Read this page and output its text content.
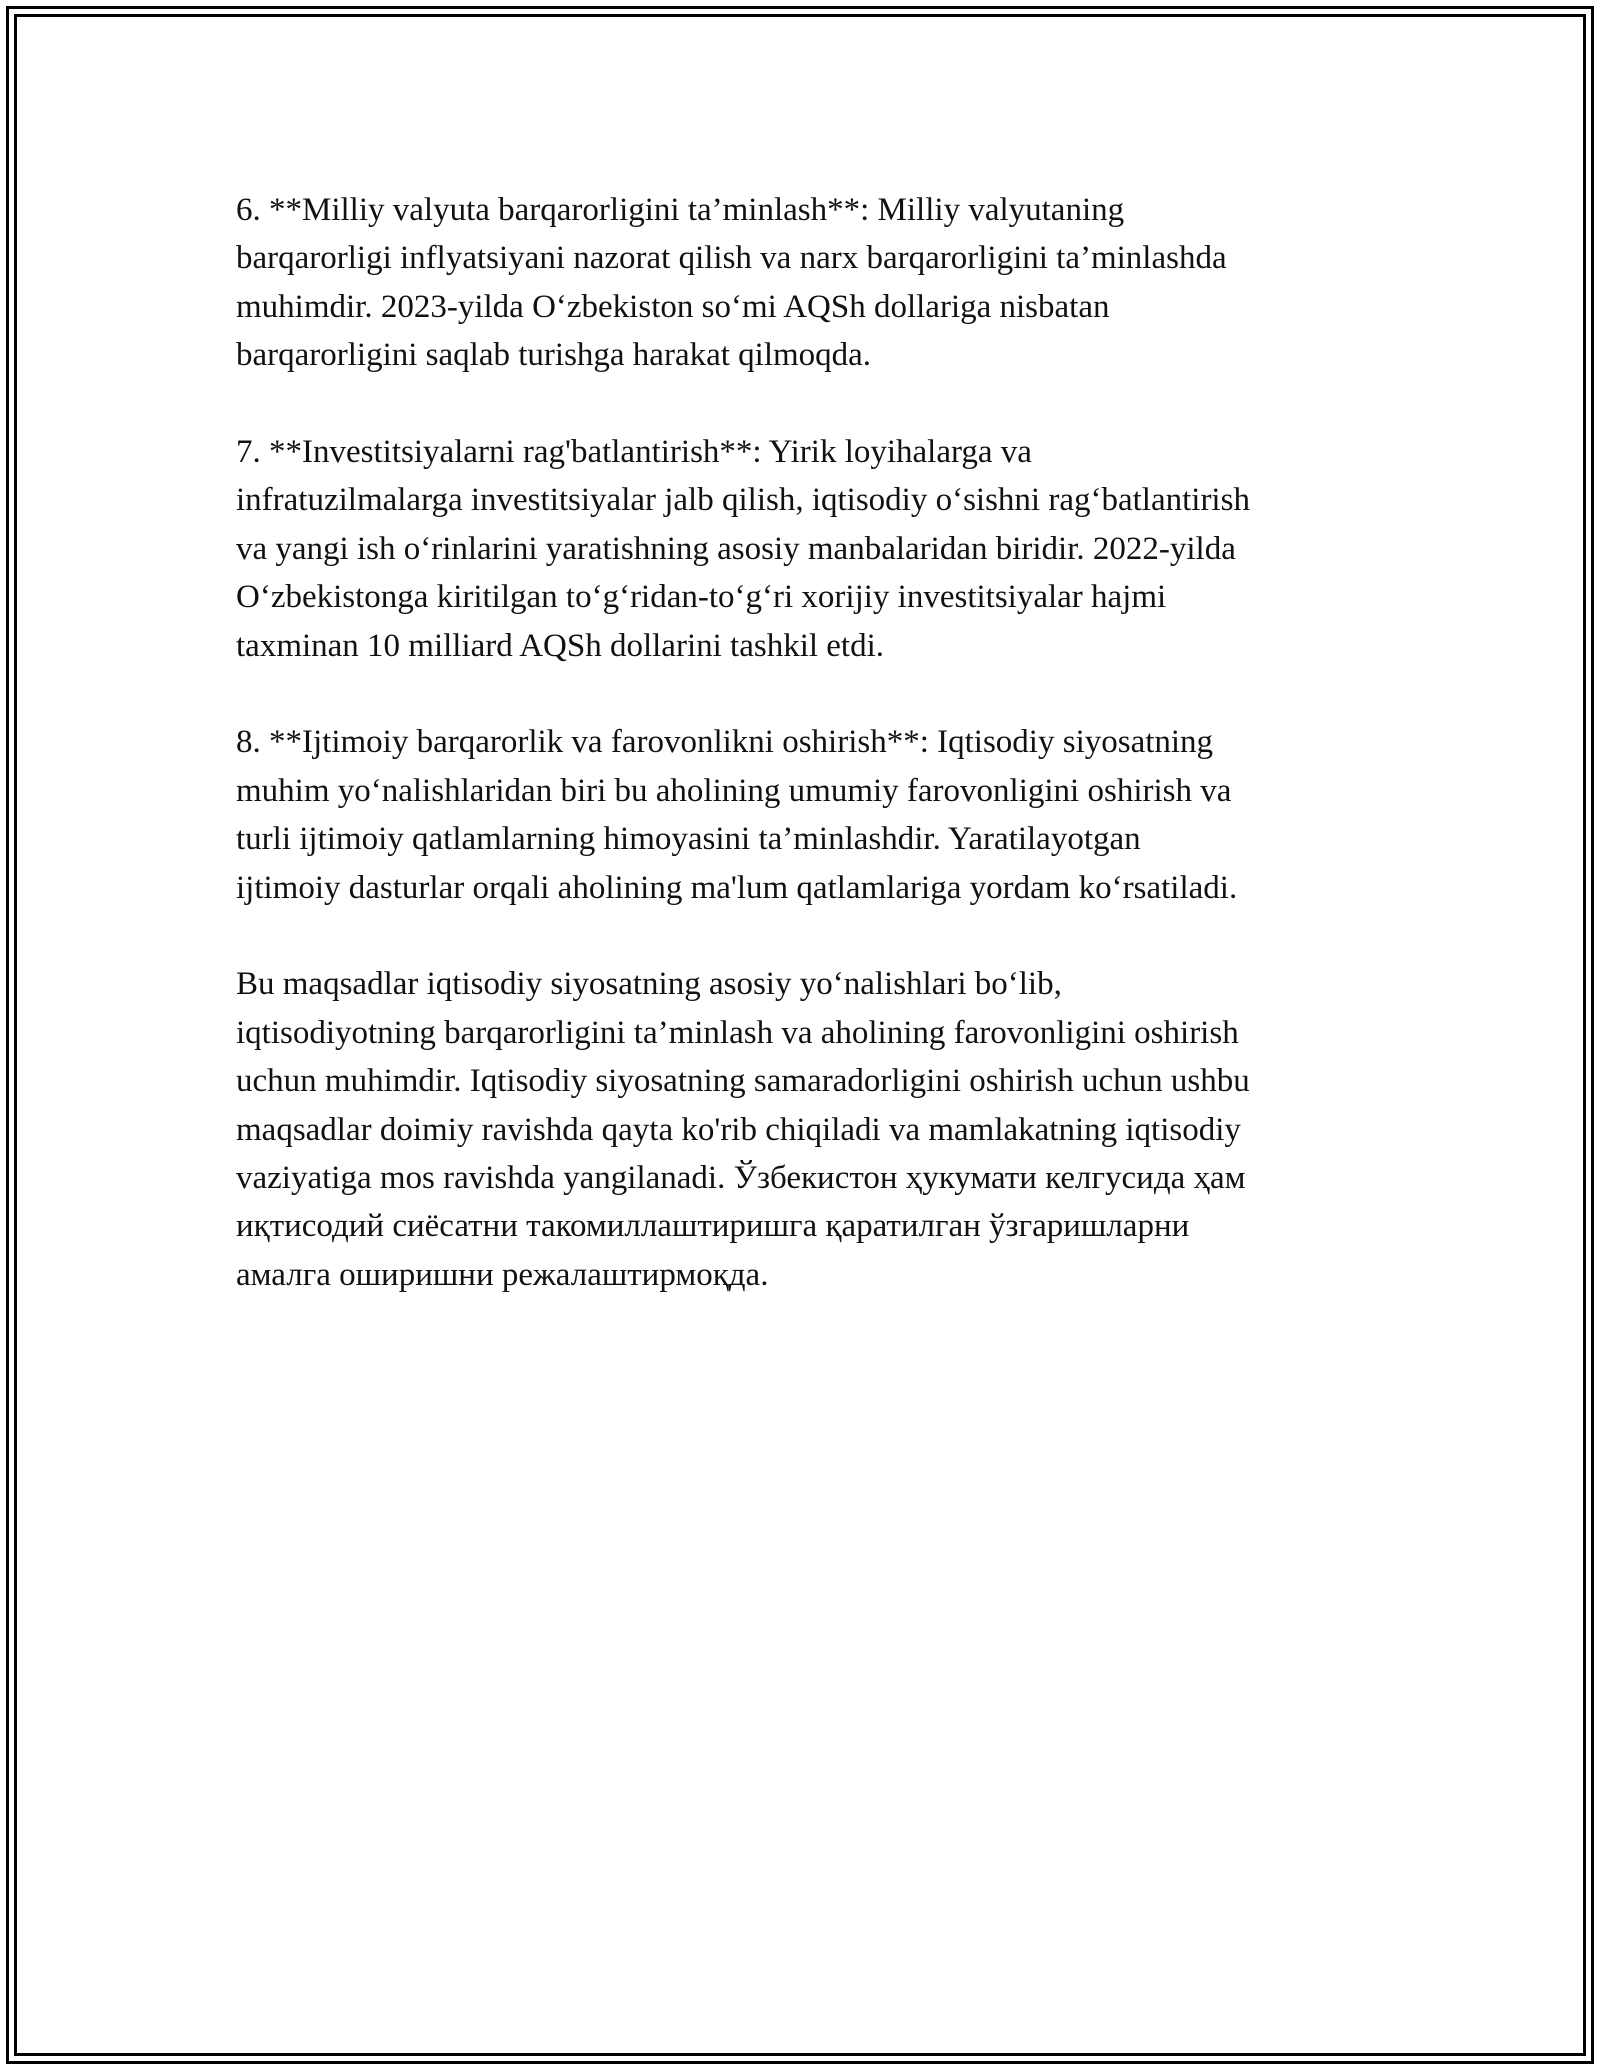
6. **Milliy valyuta barqarorligini ta’minlash**: Milliy valyutaning
barqarorligi inflyatsiyani nazorat qilish va narx barqarorligini ta’minlashda
muhimdir. 2023-yilda O‘zbekiston so‘mi AQSh dollariga nisbatan
barqarorligini saqlab turishga harakat qilmoqda.

7. **Investitsiyalarni rag'batlantirish**: Yirik loyihalarga va
infratuzilmalarga investitsiyalar jalb qilish, iqtisodiy o‘sishni rag‘batlantirish
va yangi ish o‘rinlarini yaratishning asosiy manbalaridan biridir. 2022-yilda
O‘zbekistonga kiritilgan to‘g‘ridan-to‘g‘ri xorijiy investitsiyalar hajmi
taxminan 10 milliard AQSh dollarini tashkil etdi.

8. **Ijtimoiy barqarorlik va farovonlikni oshirish**: Iqtisodiy siyosatning
muhim yo‘nalishlaridan biri bu aholining umumiy farovonligini oshirish va
turli ijtimoiy qatlamlarning himoyasini ta’minlashdir. Yaratilayotgan
ijtimoiy dasturlar orqali aholining ma'lum qatlamlariga yordam ko‘rsatiladi.

Bu maqsadlar iqtisodiy siyosatning asosiy yo‘nalishlari bo‘lib,
iqtisodiyotning barqarorligini ta’minlash va aholining farovonligini oshirish
uchun muhimdir. Iqtisodiy siyosatning samaradorligini oshirish uchun ushbu
maqsadlar doimiy ravishda qayta ko'rib chiqiladi va mamlakatning iqtisodiy
vaziyatiga mos ravishda yangilanadi. Ўзбекистон ҳукумати келгусида ҳам
иқтисодий сиёсатни такомиллаштиришга қаратилган ўзгаришларни
амалга оширишни режалаштирмоқда.
